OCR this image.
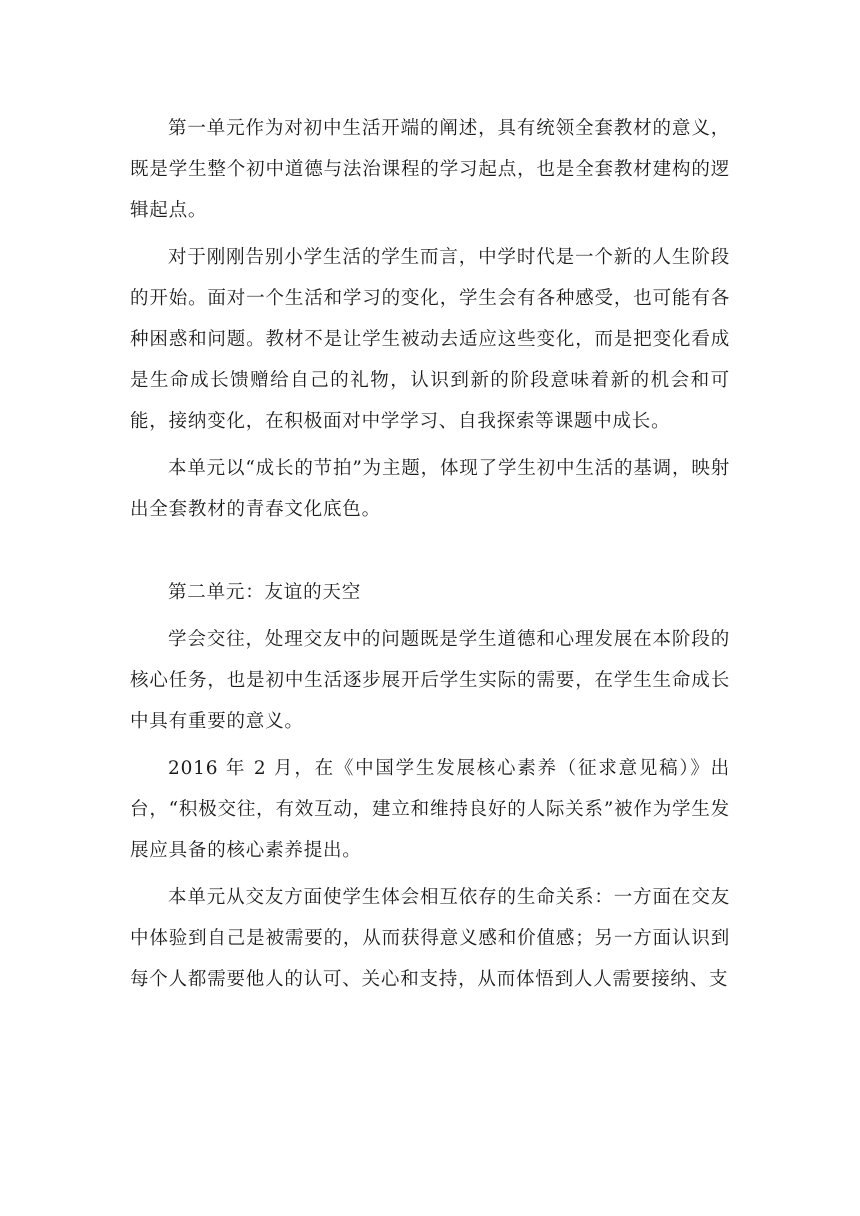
第一单元作为对初中生活开端的阐述，具有统领全套教材的意义，既是学生整个初中道德与法治课程的学习起点，也是全套教材建构的逻辑起点。

对于刚刚告别小学生活的学生而言，中学时代是一个新的人生阶段的开始。面对一个生活和学习的变化，学生会有各种感受，也可能有各种困惑和问题。教材不是让学生被动去适应这些变化，而是把变化看成是生命成长馈赠给自己的礼物，认识到新的阶段意味着新的机会和可能，接纳变化，在积极面对中学学习、自我探索等课题中成长。

本单元以“成长的节拍”为主题，体现了学生初中生活的基调，映射出全套教材的青春文化底色。

第二单元：友谊的天空

学会交往，处理交友中的问题既是学生道德和心理发展在本阶段的核心任务，也是初中生活逐步展开后学生实际的需要，在学生生命成长中具有重要的意义。

2016 年 2 月，在《中国学生发展核心素养（征求意见稿）》出台，“积极交往，有效互动，建立和维持良好的人际关系”被作为学生发展应具备的核心素养提出。

本单元从交友方面使学生体会相互依存的生命关系：一方面在交友中体验到自己是被需要的，从而获得意义感和价值感；另一方面认识到每个人都需要他人的认可、关心和支持，从而体悟到人人需要接纳、支
